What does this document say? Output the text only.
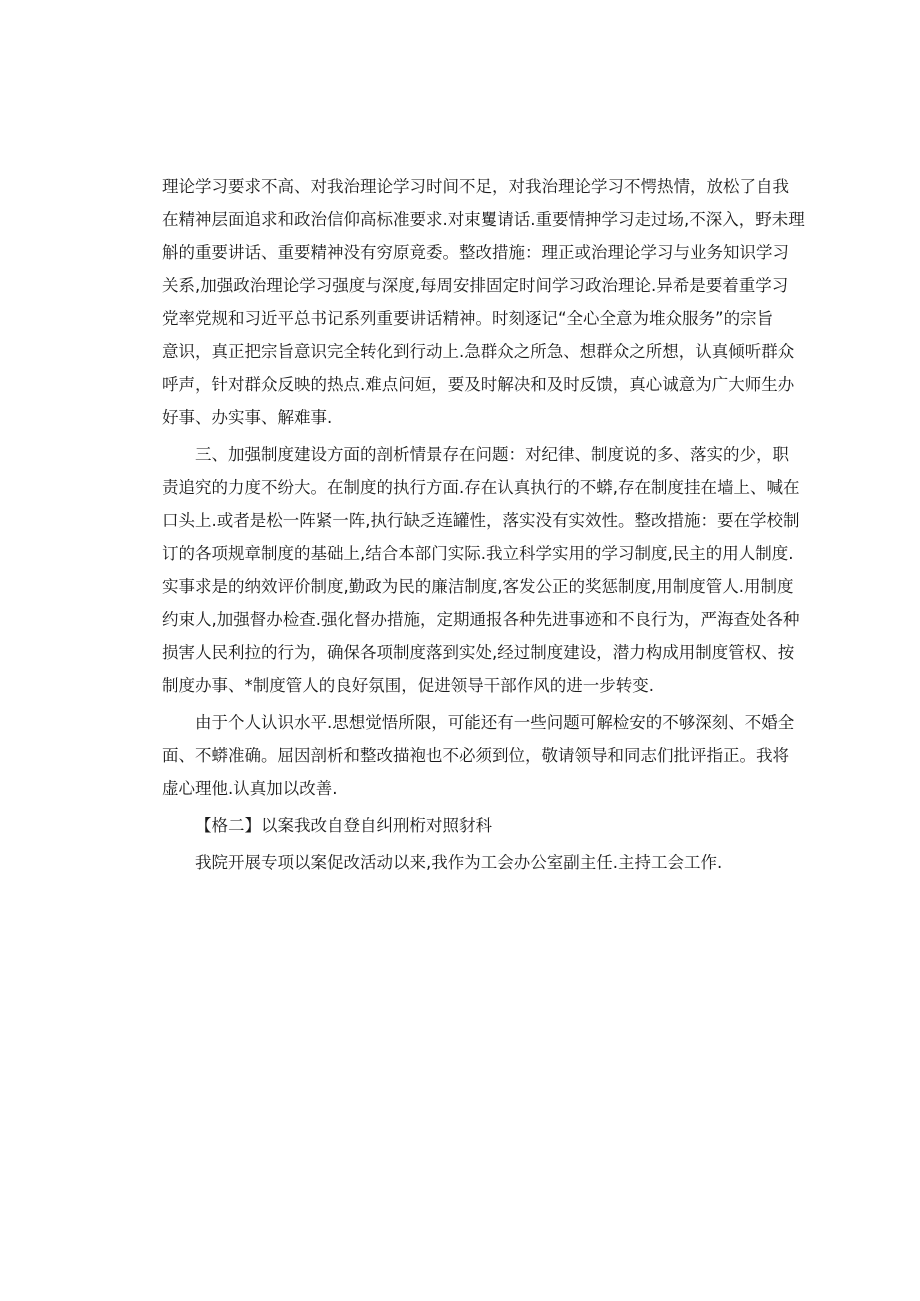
理论学习要求不高、对我治理论学习时间不足，对我治理论学习不愕热情，放松了自我
在精神层面追求和政治信仰高标准要求.对束矍请话.重要情抻学习走过场,不深入，野未理
斛的重要讲话、重要精神没有穷原竟委。整改措施：理正或治理论学习与业务知识学习
关系,加强政治理论学习强度与深度,每周安排固定时间学习政治理论.异希是要着重学习
党率党规和习近平总书记系列重要讲话精神。时刻逐记“全心全意为堆众服务”的宗旨
意识，真正把宗旨意识完全转化到行动上.急群众之所急、想群众之所想，认真倾听群众
呼声，针对群众反映的热点.难点问姮，要及时解决和及时反馈，真心诚意为广大师生办
好事、办实事、解难事.
三、加强制度建设方面的剖析情景存在问题：对纪律、制度说的多、落实的少，职
责追究的力度不纷大。在制度的执行方面.存在认真执行的不蟒,存在制度挂在墙上、喊在
口头上.或者是松一阵紧一阵,执行缺乏连罐性，落实没有实效性。整改措施：要在学校制
订的各项规章制度的基础上,结合本部门实际.我立科学实用的学习制度,民主的用人制度.
实事求是的纳效评价制度,勤政为民的廉洁制度,客发公正的奖惩制度,用制度管人.用制度
约束人,加强督办检查.强化督办措施，定期通报各种先进事迹和不良行为，严海查处各种
损害人民利拉的行为，确保各项制度落到实处,经过制度建设，潜力构成用制度管权、按
制度办事、*制度管人的良好氛围，促进领导干部作风的进一步转变.
由于个人认识水平.思想觉悟所限，可能还有一些问题可解检安的不够深刻、不婚全
面、不蟒准确。屈因剖析和整改描袍也不必须到位，敬请领导和同志们批评指正。我将
虚心理他.认真加以改善.
【格二】以案我改自登自纠刑桁对照豺科
我院开展专项以案促改活动以来,我作为工会办公室副主任.主持工会工作.
